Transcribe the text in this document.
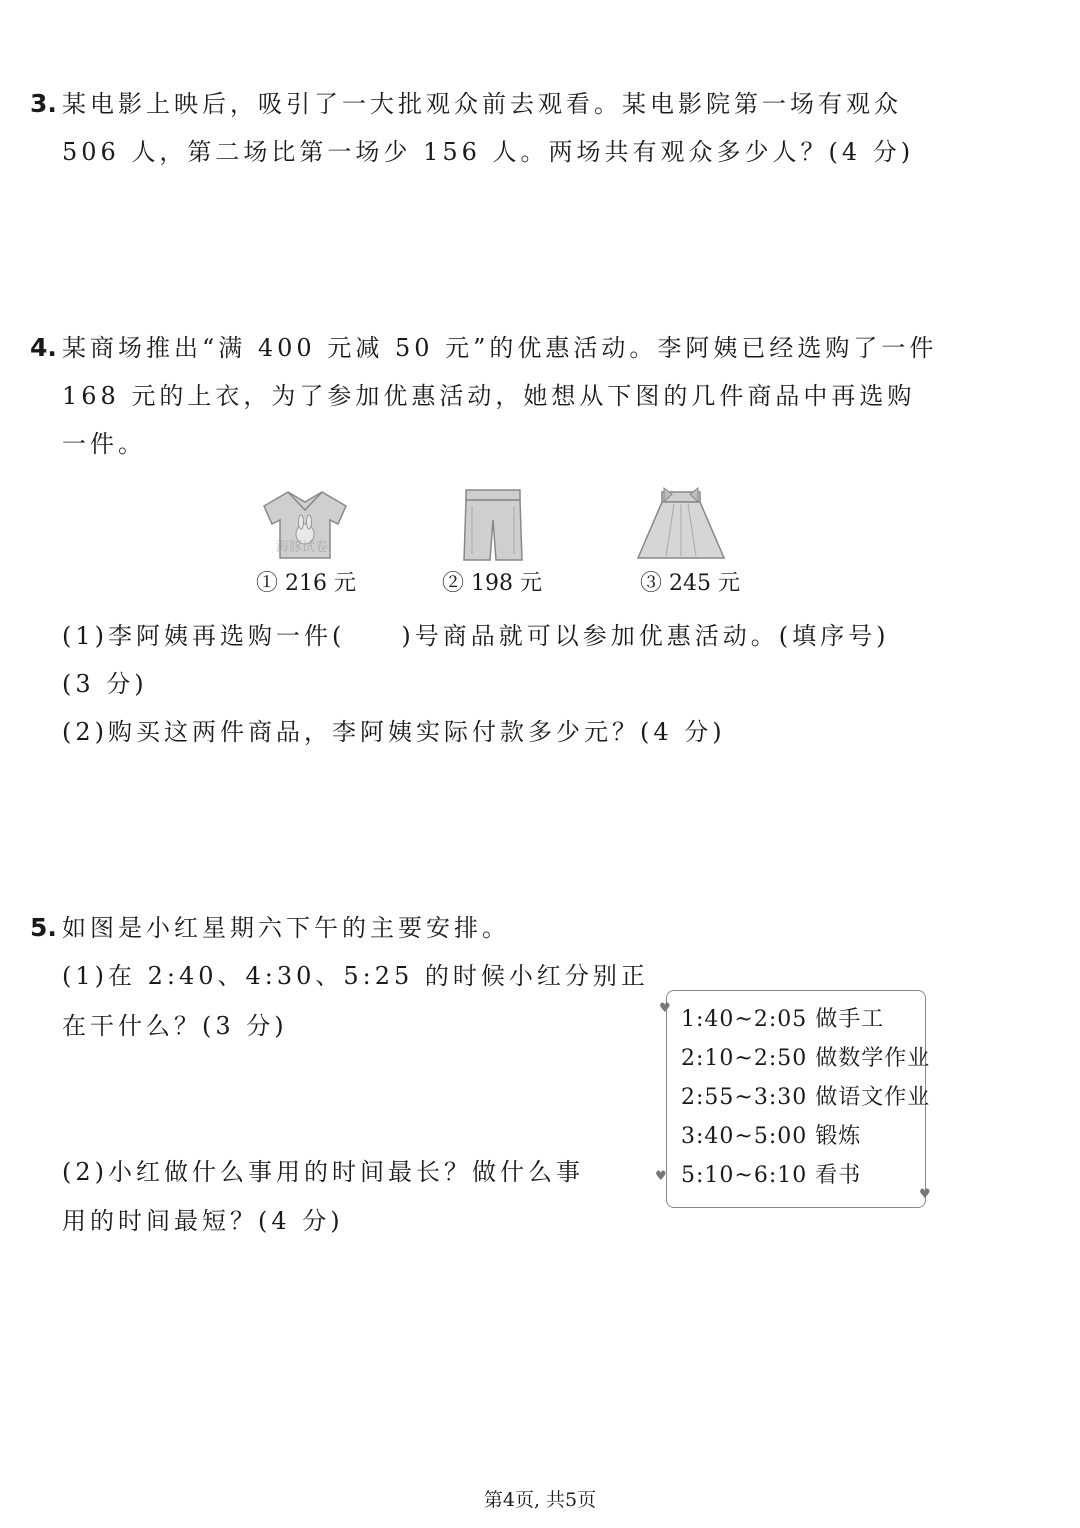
3. 某电影上映后，吸引了一大批观众前去观看。某电影院第一场有观众
506 人，第二场比第一场少 156 人。两场共有观众多少人？(4 分)
4. 某商场推出“满 400 元减 50 元”的优惠活动。李阿姨已经选购了一件
168 元的上衣，为了参加优惠活动，她想从下图的几件商品中再选购
一件。
海豚试卷
① 216 元	② 198 元	③ 245 元
(1)李阿姨再选购一件(　　)号商品就可以参加优惠活动。(填序号)
(3 分)
(2)购买这两件商品，李阿姨实际付款多少元？(4 分)
5. 如图是小红星期六下午的主要安排。
(1)在 2:40、4:30、5:25 的时候小红分别正
在干什么？(3 分)
(2)小红做什么事用的时间最长？做什么事
用的时间最短？(4 分)
♥
♥
♥
1:40~2:05 做手工
2:10~2:50 做数学作业
2:55~3:30 做语文作业
3:40~5:00 锻炼
5:10~6:10 看书
第4页, 共5页
